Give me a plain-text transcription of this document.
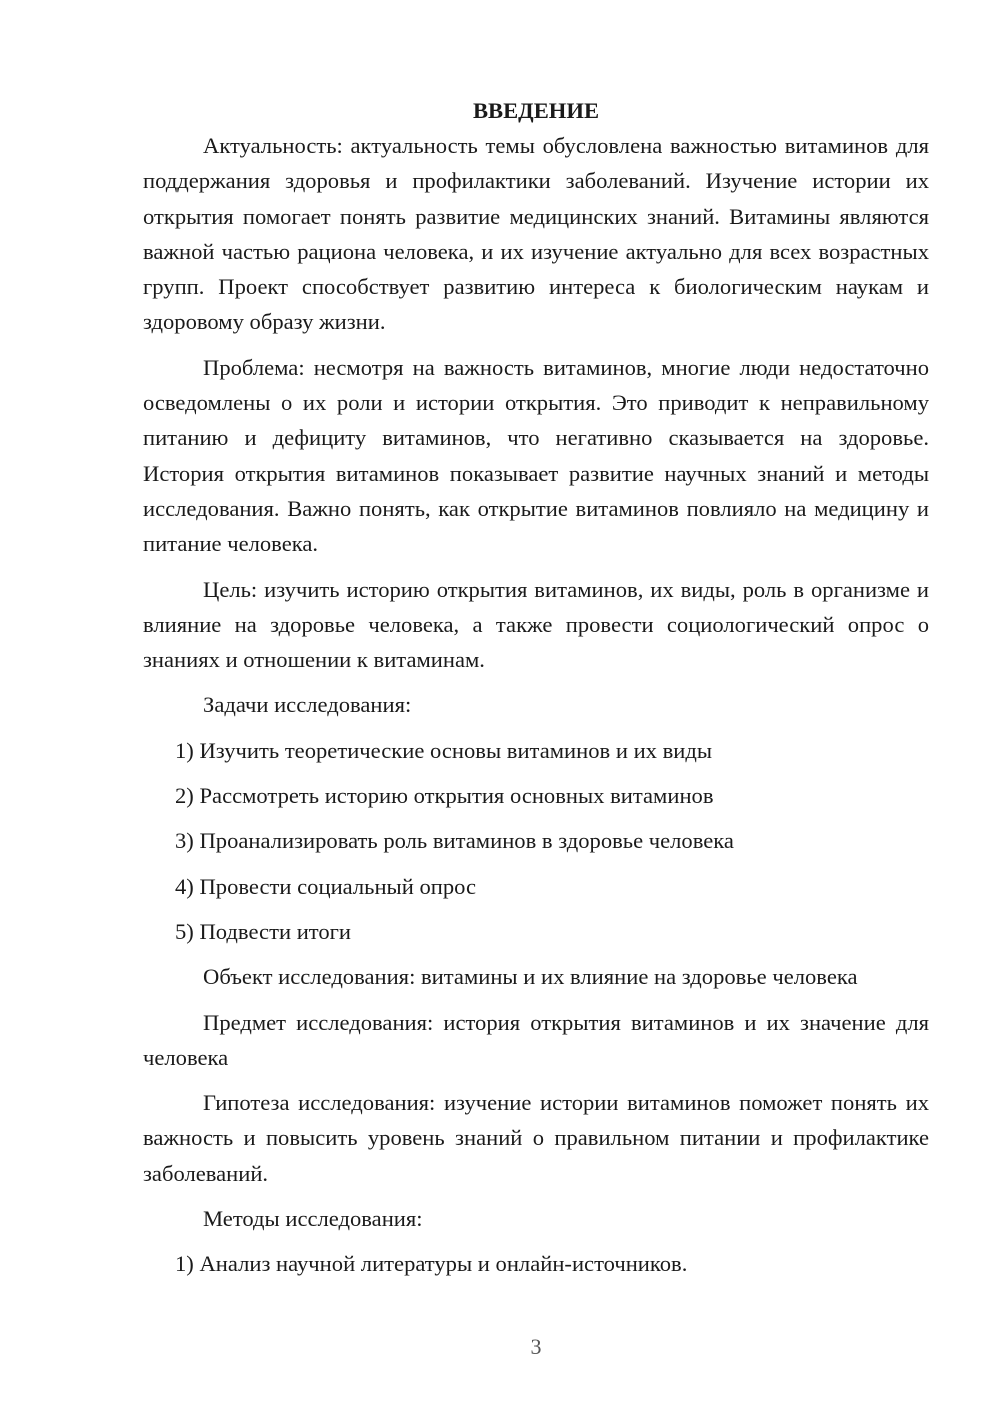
ВВЕДЕНИЕ

Актуальность: актуальность темы обусловлена важностью витаминов для поддержания здоровья и профилактики заболеваний. Изучение истории их открытия помогает понять развитие медицинских знаний. Витамины являются важной частью рациона человека, и их изучение актуально для всех возрастных групп. Проект способствует развитию интереса к биологическим наукам и здоровому образу жизни.

Проблема: несмотря на важность витаминов, многие люди недостаточно осведомлены о их роли и истории открытия. Это приводит к неправильному питанию и дефициту витаминов, что негативно сказывается на здоровье. История открытия витаминов показывает развитие научных знаний и методы исследования. Важно понять, как открытие витаминов повлияло на медицину и питание человека.

Цель: изучить историю открытия витаминов, их виды, роль в организме и влияние на здоровье человека, а также провести социологический опрос о знаниях и отношении к витаминам.

Задачи исследования:

1) Изучить теоретические основы витаминов и их виды

2) Рассмотреть историю открытия основных витаминов

3) Проанализировать роль витаминов в здоровье человека

4) Провести социальный опрос

5) Подвести итоги

Объект исследования: витамины и их влияние на здоровье человека

Предмет исследования: история открытия витаминов и их значение для человека

Гипотеза исследования: изучение истории витаминов поможет понять их важность и повысить уровень знаний о правильном питании и профилактике заболеваний.

Методы исследования:

1) Анализ научной литературы и онлайн-источников.

3
